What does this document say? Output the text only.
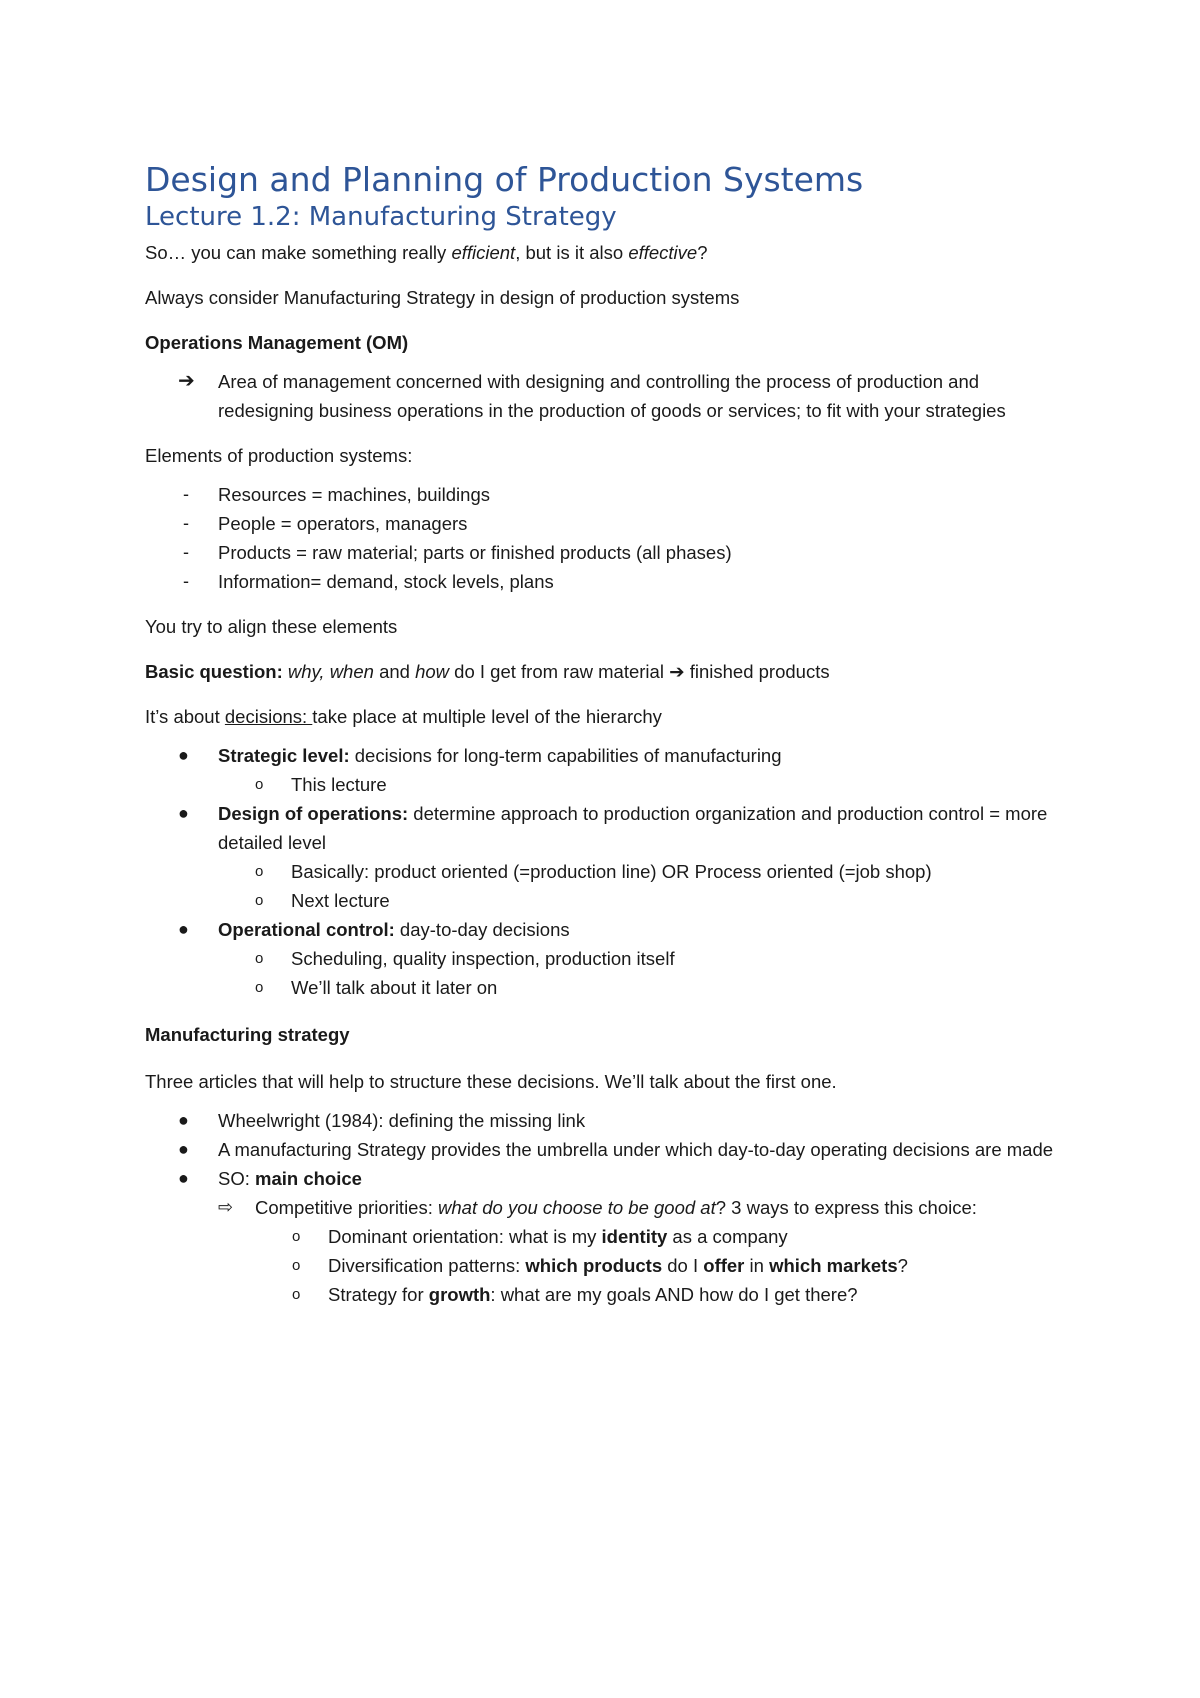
Design and Planning of Production Systems
Lecture 1.2: Manufacturing Strategy

So… you can make something really efficient, but is it also effective?

Always consider Manufacturing Strategy in design of production systems

Operations Management (OM)

➔ Area of management concerned with designing and controlling the process of production and redesigning business operations in the production of goods or services; to fit with your strategies

Elements of production systems:

- Resources = machines, buildings
- People = operators, managers
- Products = raw material; parts or finished products (all phases)
- Information= demand, stock levels, plans

You try to align these elements

Basic question: why, when and how do I get from raw material ➔ finished products

It’s about decisions: take place at multiple level of the hierarchy

● Strategic level: decisions for long-term capabilities of manufacturing
o This lecture
● Design of operations: determine approach to production organization and production control = more detailed level
o Basically: product oriented (=production line) OR Process oriented (=job shop)
o Next lecture
● Operational control: day-to-day decisions
o Scheduling, quality inspection, production itself
o We’ll talk about it later on

Manufacturing strategy

Three articles that will help to structure these decisions. We’ll talk about the first one.

● Wheelwright (1984): defining the missing link
● A manufacturing Strategy provides the umbrella under which day-to-day operating decisions are made
● SO: main choice
⇨ Competitive priorities: what do you choose to be good at? 3 ways to express this choice:
o Dominant orientation: what is my identity as a company
o Diversification patterns: which products do I offer in which markets?
o Strategy for growth: what are my goals AND how do I get there?
